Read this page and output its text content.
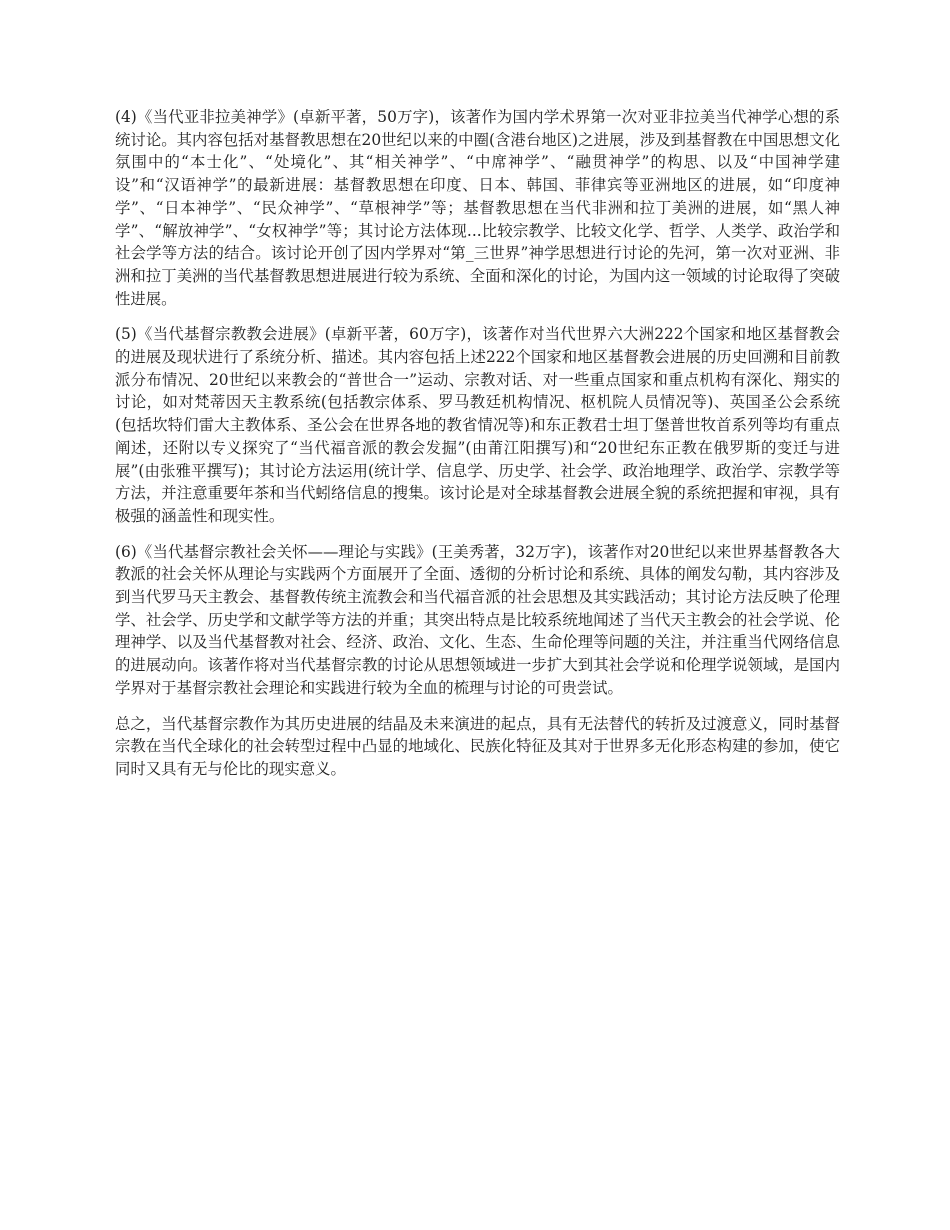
(4)《当代亚非拉美神学》(卓新平著，50万字)，该著作为国内学术界第一次对亚非拉美当代神学心想的系统讨论。其内容包括对基督教思想在20世纪以来的中圈(含港台地区)之进展，涉及到基督教在中国思想文化氛围中的“本士化”、“处境化”、其“相关神学”、“中席神学”、“融贯神学”的构思、以及“中国神学建设”和“汉语神学”的最新进展：基督教思想在印度、日本、韩国、菲律宾等亚洲地区的进展，如“印度神学”、“日本神学”、“民众神学”、“草根神学”等；基督教思想在当代非洲和拉丁美洲的进展，如“黑人神学”、“解放神学”、“女权神学”等；其讨论方法体现...比较宗教学、比较文化学、哲学、人类学、政治学和社会学等方法的结合。该讨论开创了因内学界对“第_三世界”神学思想进行讨论的先河，第一次对亚洲、非洲和拉丁美洲的当代基督教思想进展进行较为系统、全面和深化的讨论，为国内这一领域的讨论取得了突破性进展。

(5)《当代基督宗教教会进展》(卓新平著，60万字)，该著作对当代世界六大洲222个国家和地区基督教会的进展及现状进行了系统分析、描述。其内容包括上述222个国家和地区基督教会进展的历史回溯和目前教派分布情况、20世纪以来教会的“普世合一”运动、宗教对话、对一些重点国家和重点机构有深化、翔实的讨论，如对梵蒂因天主教系统(包括教宗体系、罗马教廷机构情况、枢机院人员情况等)、英国圣公会系统(包括坎特们雷大主教体系、圣公会在世界各地的教省情况等)和东正教君士坦丁堡普世牧首系列等均有重点阐述，还附以专义探究了“当代福音派的教会发掘”(由莆江阳撰写)和“20世纪东正教在俄罗斯的变迁与进展”(由张雅平撰写)；其讨论方法运用(统计学、信息学、历史学、社会学、政治地理学、政治学、宗教学等方法，并注意重要年茶和当代蚓络信息的搜集。该讨论是对全球基督教会进展全貌的系统把握和审视，具有极强的涵盖性和现实性。

(6)《当代基督宗教社会关怀——理论与实践》(王美秀著，32万字)，该著作对20世纪以来世界基督教各大教派的社会关怀从理论与实践两个方面展开了全面、透彻的分析讨论和系统、具体的阐发勾勒，其内容涉及到当代罗马天主教会、基督教传统主流教会和当代福音派的社会思想及其实践活动；其讨论方法反映了伦理学、社会学、历史学和文献学等方法的并重；其突出特点是比较系统地闻述了当代天主教会的社会学说、伦理神学、以及当代基督教对社会、经济、政治、文化、生态、生命伦理等问题的关注，并注重当代网络信息的进展动向。该著作将对当代基督宗教的讨论从思想领域进一步扩大到其社会学说和伦理学说领域，是国内学界对于基督宗教社会理论和实践进行较为全血的梳理与讨论的可贵尝试。

总之，当代基督宗教作为其历史进展的结晶及未来演进的起点，具有无法替代的转折及过渡意义，同时基督宗教在当代全球化的社会转型过程中凸显的地域化、民族化特征及其对于世界多无化形态构建的参加，使它同时又具有无与伦比的现实意义。
